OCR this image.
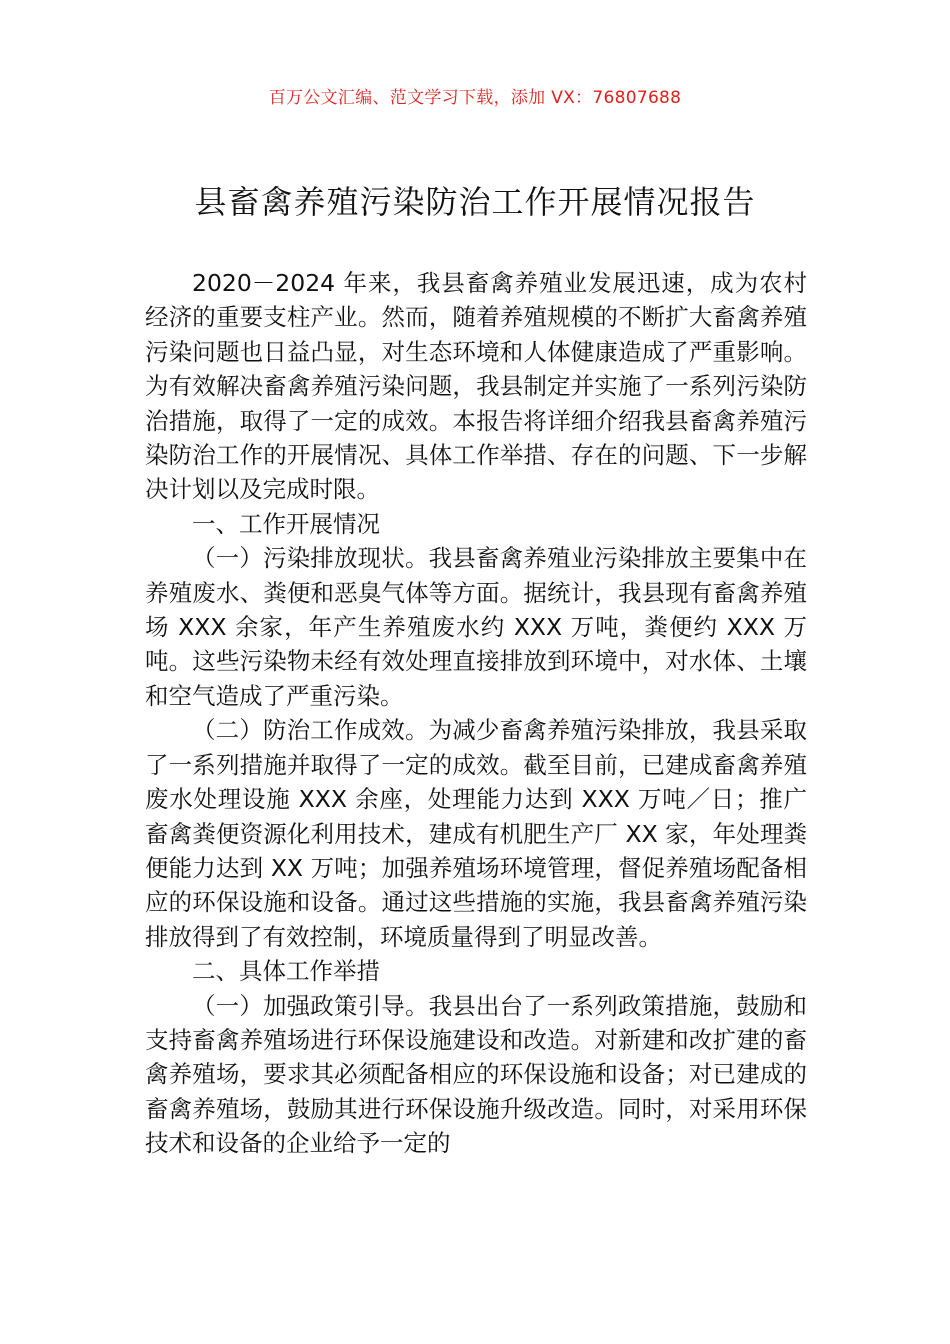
百万公文汇编、范文学习下载，添加 VX：76807688
县畜禽养殖污染防治工作开展情况报告

2020－2024 年来，我县畜禽养殖业发展迅速，成为农村经济的重要支柱产业。然而，随着养殖规模的不断扩大畜禽养殖污染问题也日益凸显，对生态环境和人体健康造成了严重影响。为有效解决畜禽养殖污染问题，我县制定并实施了一系列污染防治措施，取得了一定的成效。本报告将详细介绍我县畜禽养殖污染防治工作的开展情况、具体工作举措、存在的问题、下一步解决计划以及完成时限。

一、工作开展情况

（一）污染排放现状。我县畜禽养殖业污染排放主要集中在养殖废水、粪便和恶臭气体等方面。据统计，我县现有畜禽养殖场 XXX 余家，年产生养殖废水约 XXX 万吨，粪便约 XXX 万吨。这些污染物未经有效处理直接排放到环境中，对水体、土壤和空气造成了严重污染。

（二）防治工作成效。为减少畜禽养殖污染排放，我县采取了一系列措施并取得了一定的成效。截至目前，已建成畜禽养殖废水处理设施 XXX 余座，处理能力达到 XXX 万吨／日；推广畜禽粪便资源化利用技术，建成有机肥生产厂 XX 家，年处理粪便能力达到 XX 万吨；加强养殖场环境管理，督促养殖场配备相应的环保设施和设备。通过这些措施的实施，我县畜禽养殖污染排放得到了有效控制，环境质量得到了明显改善。

二、具体工作举措

（一）加强政策引导。我县出台了一系列政策措施，鼓励和支持畜禽养殖场进行环保设施建设和改造。对新建和改扩建的畜禽养殖场，要求其必须配备相应的环保设施和设备；对已建成的畜禽养殖场，鼓励其进行环保设施升级改造。同时，对采用环保技术和设备的企业给予一定的
